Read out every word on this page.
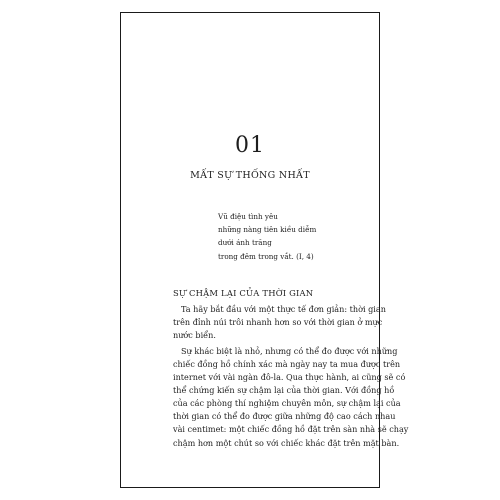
01
MẤT SỰ THỐNG NHẤT
Vũ điệu tình yêu
những nàng tiên kiều diễm
dưới ánh trăng
trong đêm trong vắt. (I, 4)
SỰ CHẬM LẠI CỦA THỜI GIAN
Ta hãy bắt đầu với một thực tế đơn giản: thời gian
trên đỉnh núi trôi nhanh hơn so với thời gian ở mực
nước biển.
Sự khác biệt là nhỏ, nhưng có thể đo được với những
chiếc đồng hồ chính xác mà ngày nay ta mua được trên
internet với vài ngàn đô-la. Qua thực hành, ai cũng sẽ có
thể chứng kiến sự chậm lại của thời gian. Với đồng hồ
của các phòng thí nghiệm chuyên môn, sự chậm lại của
thời gian có thể đo được giữa những độ cao cách nhau
vài centimet: một chiếc đồng hồ đặt trên sàn nhà sẽ chạy
chậm hơn một chút so với chiếc khác đặt trên mặt bàn.
